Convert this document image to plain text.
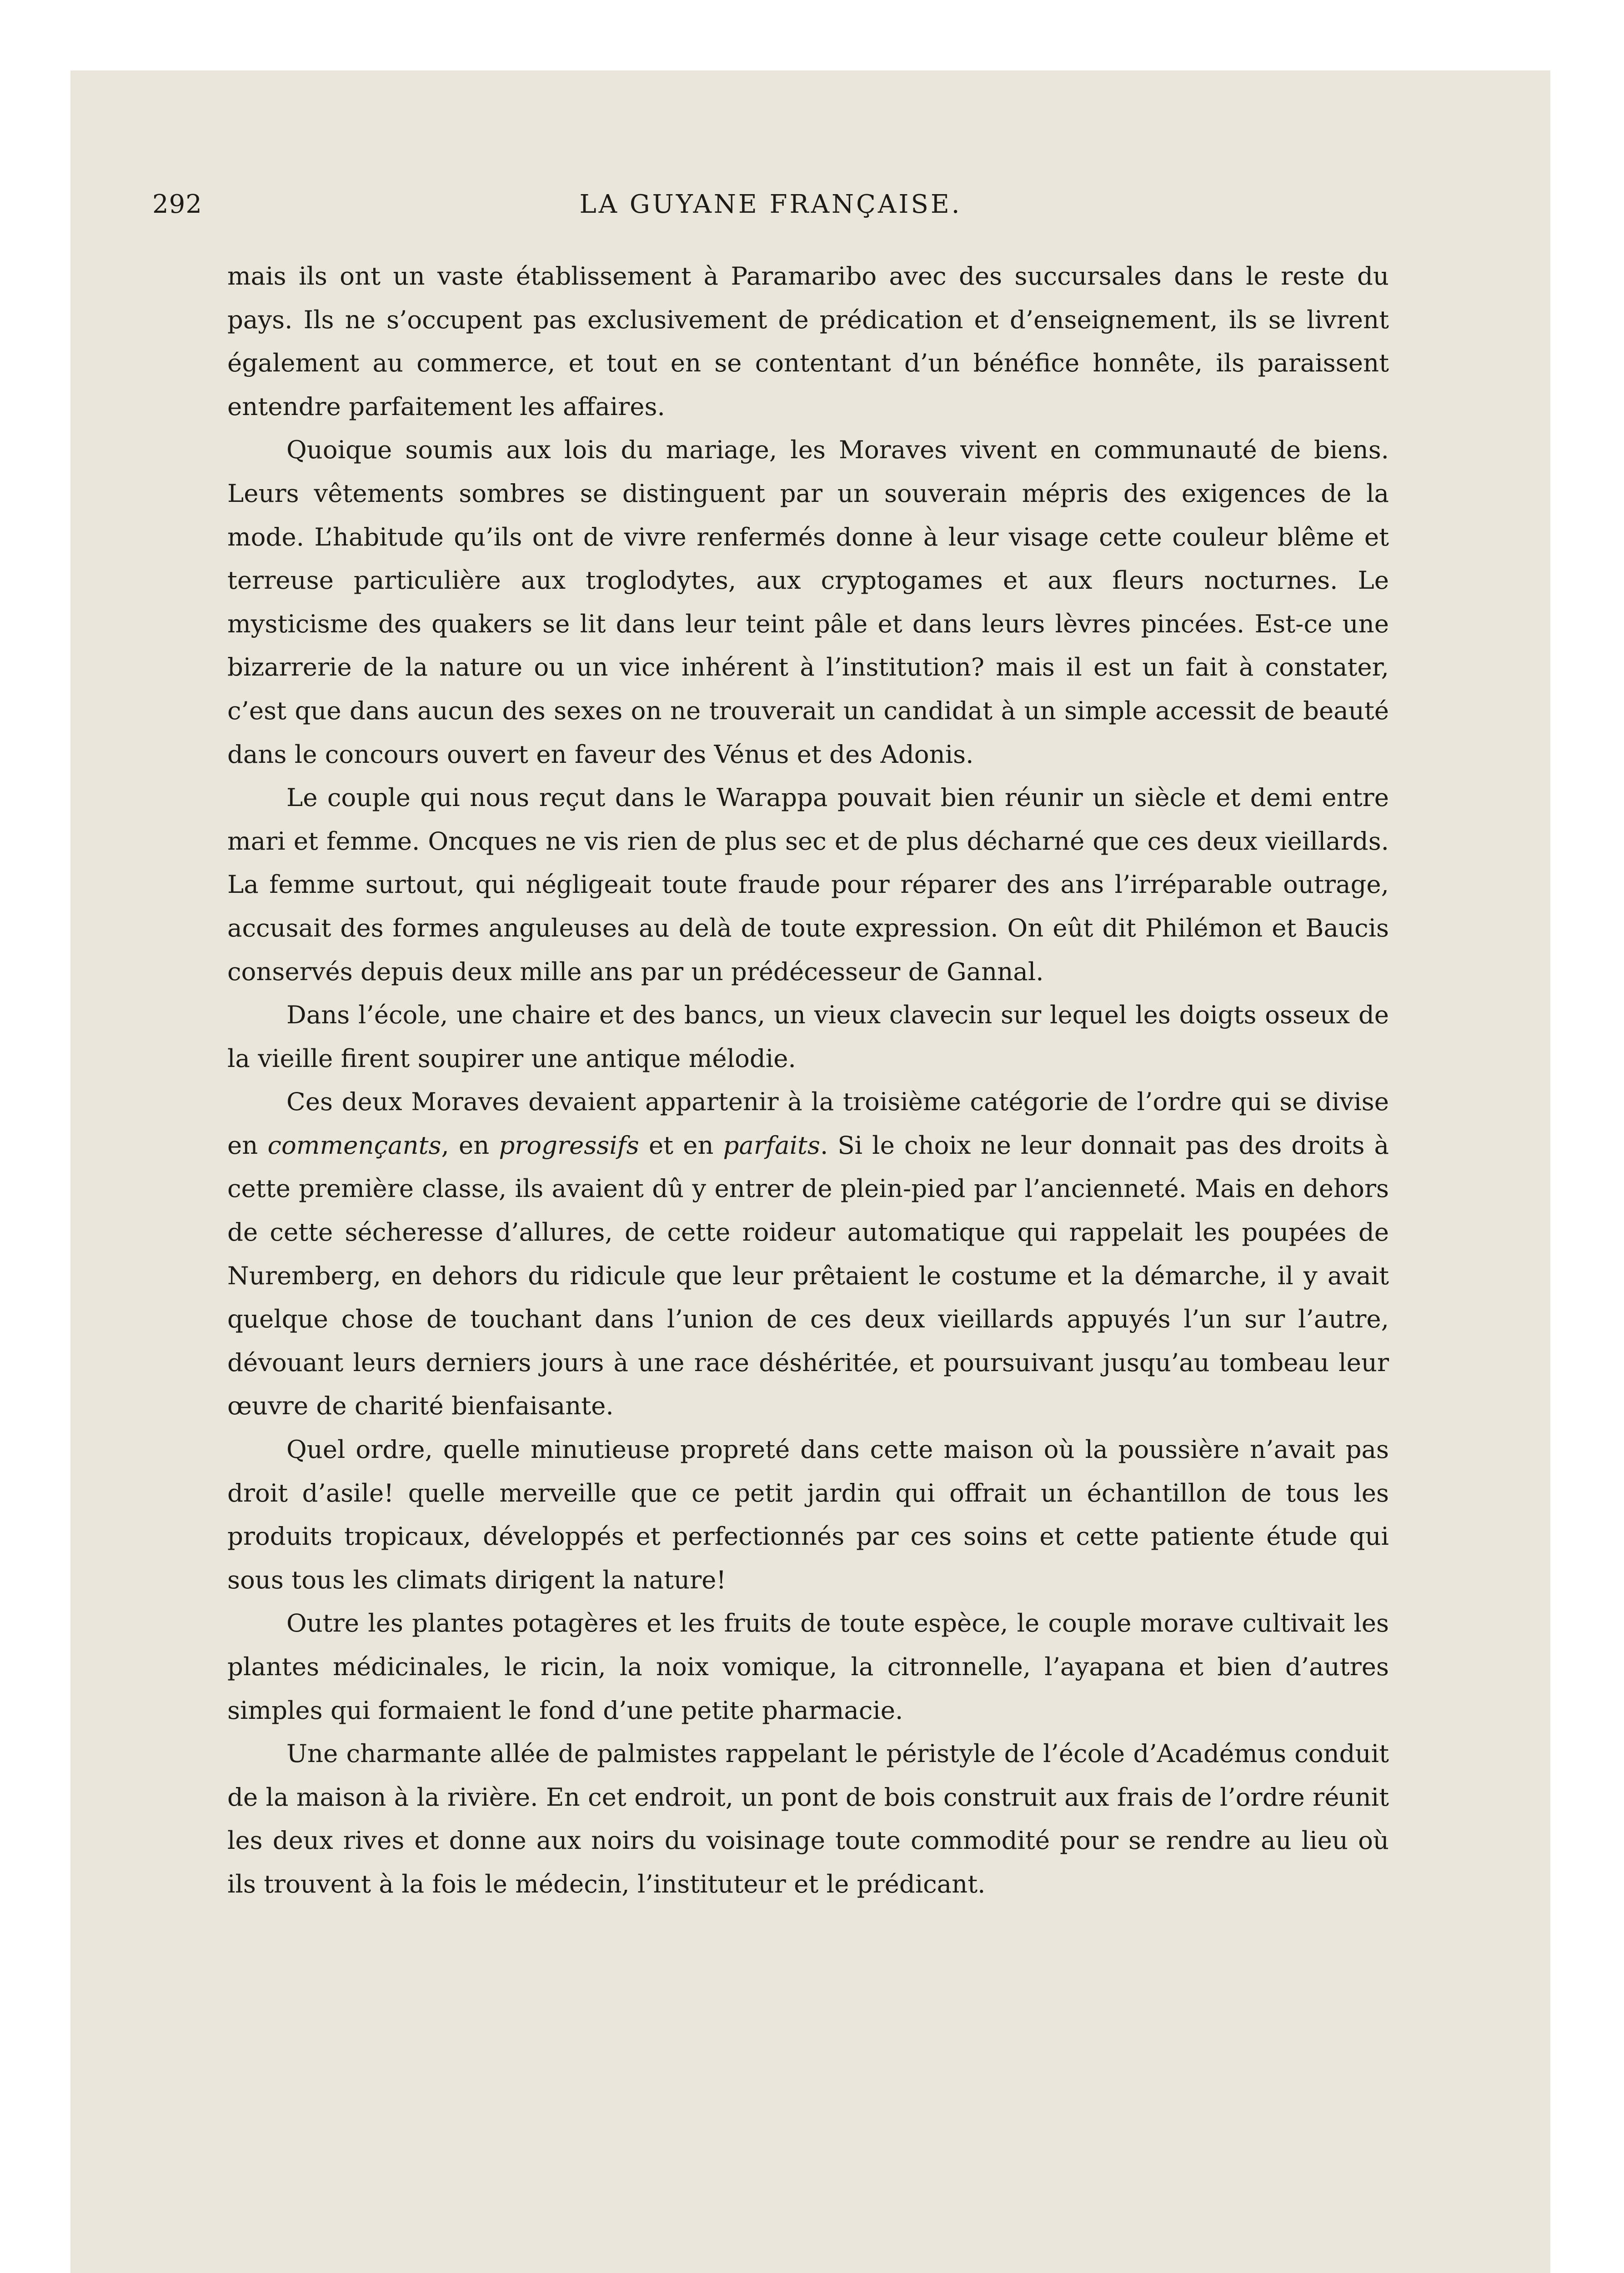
292	LA GUYANE FRANÇAISE.

mais ils ont un vaste établissement à Paramaribo avec des succursales dans le reste du pays. Ils ne s’occupent pas exclusivement de prédication et d’enseignement, ils se livrent également au commerce, et tout en se contentant d’un bénéfice honnête, ils paraissent entendre parfaitement les affaires.

Quoique soumis aux lois du mariage, les Moraves vivent en communauté de biens. Leurs vêtements sombres se distinguent par un souverain mépris des exigences de la mode. L’habitude qu’ils ont de vivre renfermés donne à leur visage cette couleur blême et terreuse particulière aux troglodytes, aux cryptogames et aux fleurs nocturnes. Le mysticisme des quakers se lit dans leur teint pâle et dans leurs lèvres pincées. Est-ce une bizarrerie de la nature ou un vice inhérent à l’institution? mais il est un fait à constater, c’est que dans aucun des sexes on ne trouverait un candidat à un simple accessit de beauté dans le concours ouvert en faveur des Vénus et des Adonis.

Le couple qui nous reçut dans le Warappa pouvait bien réunir un siècle et demi entre mari et femme. Oncques ne vis rien de plus sec et de plus décharné que ces deux vieillards. La femme surtout, qui négligeait toute fraude pour réparer des ans l’irréparable outrage, accusait des formes anguleuses au delà de toute expression. On eût dit Philémon et Baucis conservés depuis deux mille ans par un prédécesseur de Gannal.

Dans l’école, une chaire et des bancs, un vieux clavecin sur lequel les doigts osseux de la vieille firent soupirer une antique mélodie.

Ces deux Moraves devaient appartenir à la troisième catégorie de l’ordre qui se divise en commençants, en progressifs et en parfaits. Si le choix ne leur donnait pas des droits à cette première classe, ils avaient dû y entrer de plein-pied par l’ancienneté. Mais en dehors de cette sécheresse d’allures, de cette roideur automatique qui rappelait les poupées de Nuremberg, en dehors du ridicule que leur prêtaient le costume et la démarche, il y avait quelque chose de touchant dans l’union de ces deux vieillards appuyés l’un sur l’autre, dévouant leurs derniers jours à une race déshéritée, et poursuivant jusqu’au tombeau leur œuvre de charité bienfaisante.

Quel ordre, quelle minutieuse propreté dans cette maison où la poussière n’avait pas droit d’asile! quelle merveille que ce petit jardin qui offrait un échantillon de tous les produits tropicaux, développés et perfectionnés par ces soins et cette patiente étude qui sous tous les climats dirigent la nature!

Outre les plantes potagères et les fruits de toute espèce, le couple morave cultivait les plantes médicinales, le ricin, la noix vomique, la citronnelle, l’ayapana et bien d’autres simples qui formaient le fond d’une petite pharmacie.

Une charmante allée de palmistes rappelant le péristyle de l’école d’Académus conduit de la maison à la rivière. En cet endroit, un pont de bois construit aux frais de l’ordre réunit les deux rives et donne aux noirs du voisinage toute commodité pour se rendre au lieu où ils trouvent à la fois le médecin, l’instituteur et le prédicant.
